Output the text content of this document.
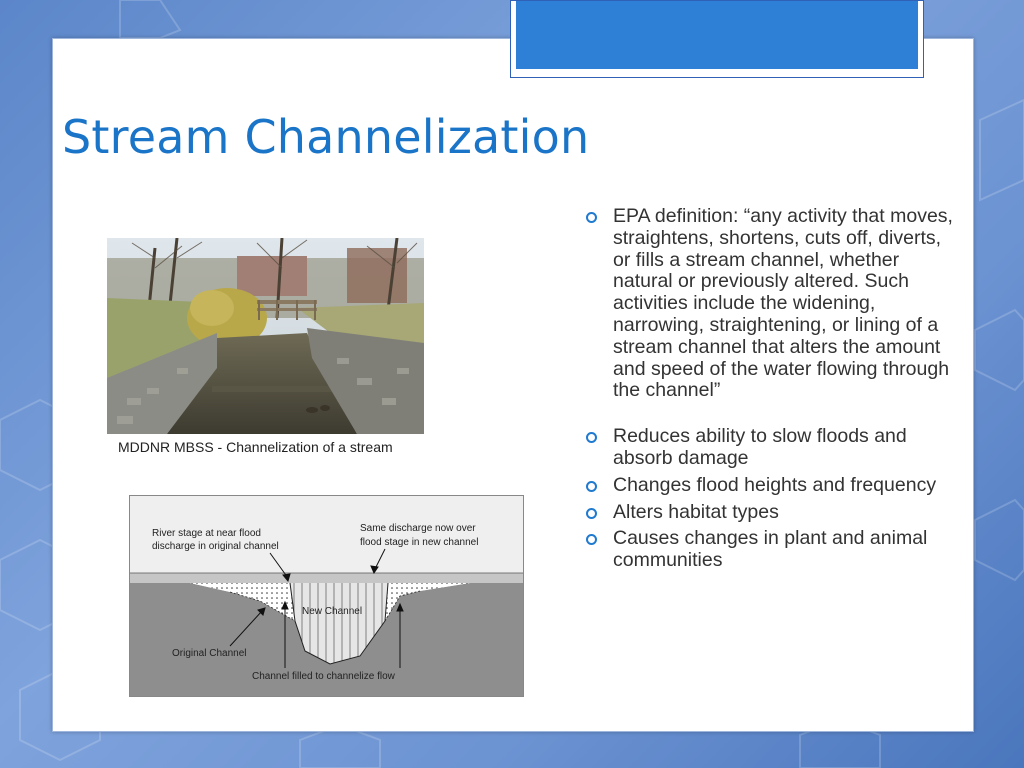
Stream Channelization
MDDNR MBSS - Channelization of a stream
River stage at near flood
discharge in original channel
Same discharge now over
flood stage in new channel
New Channel
Original Channel
Channel filled to channelize flow
EPA definition: “any activity that moves, straightens, shortens, cuts off, diverts, or fills a stream channel, whether natural or previously altered. Such activities include the widening, narrowing, straightening, or lining of a stream channel that alters the amount and speed of the water flowing through the channel”
Reduces ability to slow floods and absorb damage
Changes flood heights and frequency
Alters habitat types
Causes changes in plant and animal communities
